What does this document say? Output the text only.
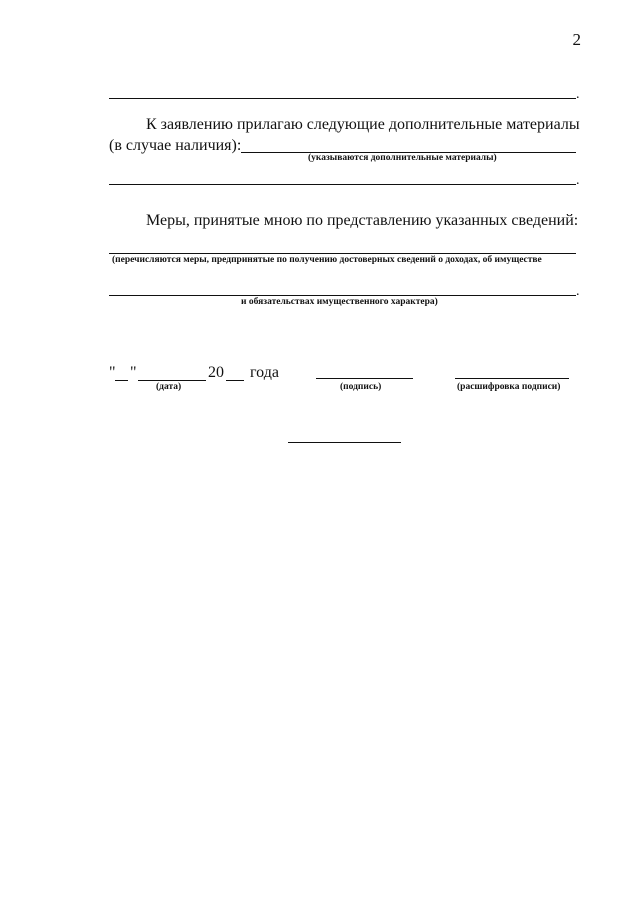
2
.
К заявлению прилагаю следующие дополнительные материалы
(в случае наличия):
(указываются дополнительные материалы)
.
Меры, принятые мною по представлению указанных сведений:
(перечисляются меры, предпринятые по получению достоверных сведений о доходах, об имуществе
.
и обязательствах имущественного характера)
" "	20 года
(дата)	(подпись)	(расшифровка подписи)
